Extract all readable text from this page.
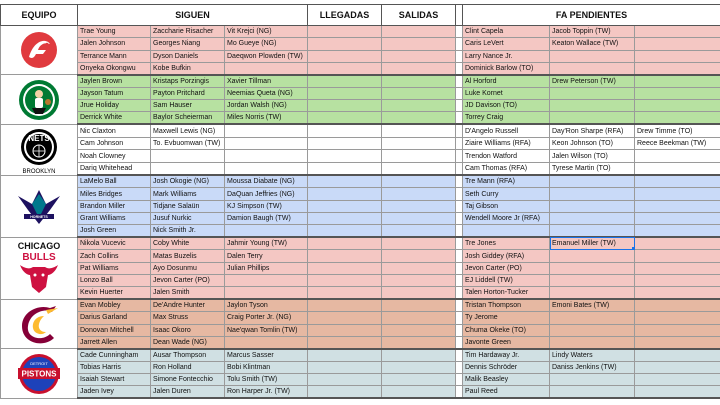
EQUIPO	SIGUEN			LLEGADAS	SALIDAS		FA PENDIENTES		

	Trae Young	Zaccharie Risacher	Vit Krejci (NG)				Clint Capela	Jacob Toppin (TW)	
	Jalen Johnson	Georges Niang	Mo Gueye (NG)				Caris LeVert	Keaton Wallace (TW)	
	Terrance Mann	Dyson Daniels	Daeqwon Plowden (TW)				Larry Nance Jr.		
	Onyeka Okongwu	Kobe Bufkin					Dominick Barlow (TO)		

	Jaylen Brown	Kristaps Porzingis	Xavier Tillman				Al Horford	Drew Peterson (TW)	
	Jayson Tatum	Payton Pritchard	Neemias Queta (NG)				Luke Kornet		
	Jrue Holiday	Sam Hauser	Jordan Walsh (NG)				JD Davison (TO)		
	Derrick White	Baylor Scheierman	Miles Norris (TW)				Torrey Craig		

NETS
BROOKLYN	Nic Claxton	Maxwell Lewis (NG)					D'Angelo Russell	Day'Ron Sharpe (RFA)	Drew Timme (TO)
	Cam Johnson	To. Evbuomwan (TW)					Ziaire Williams (RFA)	Keon Johnson (TO)	Reece Beekman (TW)
	Noah Clowney						Trendon Watford	Jalen Wilson (TO)	
	Dariq Whitehead						Cam Thomas (RFA)	Tyrese Martin (TO)	

HORNETS	LaMelo Ball	Josh Okogie (NG)	Moussa Diabate (NG)				Tre Mann (RFA)		
	Miles Bridges	Mark Williams	DaQuan Jeffries (NG)				Seth Curry		
	Brandon Miller	Tidjane Salaün	KJ Simpson (TW)				Taj Gibson		
	Grant Williams	Jusuf Nurkic	Damion Baugh (TW)				Wendell Moore Jr (RFA)		
	Josh Green	Nick Smith Jr.							

CHICAGO
BULLS	Nikola Vucevic	Coby White	Jahmir Young (TW)				Tre Jones	Emanuel Miller (TW)

	Zach Collins	Matas Buzelis	Dalen Terry				Josh Giddey (RFA)		
	Pat Williams	Ayo Dosunmu	Julian Phillips				Jevon Carter (PO)		
	Lonzo Ball	Jevon Carter (PO)					EJ Liddell (TW)		
	Kevin Huerter	Jalen Smith					Talen Horton-Tucker		

	Evan Mobley	De'Andre Hunter	Jaylon Tyson				Tristan Thompson	Emoni Bates (TW)	
	Darius Garland	Max Struss	Craig Porter Jr. (NG)				Ty Jerome		
	Donovan Mitchell	Isaac Okoro	Nae'qwan Tomlin (TW)				Chuma Okeke (TO)		
	Jarrett Allen	Dean Wade (NG)					Javonte Green		

PISTONS
DETROIT	Cade Cunningham	Ausar Thompson	Marcus Sasser				Tim Hardaway Jr.	Lindy Waters	
	Tobias Harris	Ron Holland	Bobi Klintman				Dennis Schröder	Daniss Jenkins (TW)	
	Isaiah Stewart	Simone Fontecchio	Tolu Smith (TW)				Malik Beasley		
	Jaden Ivey	Jalen Duren	Ron Harper Jr. (TW)				Paul Reed		
